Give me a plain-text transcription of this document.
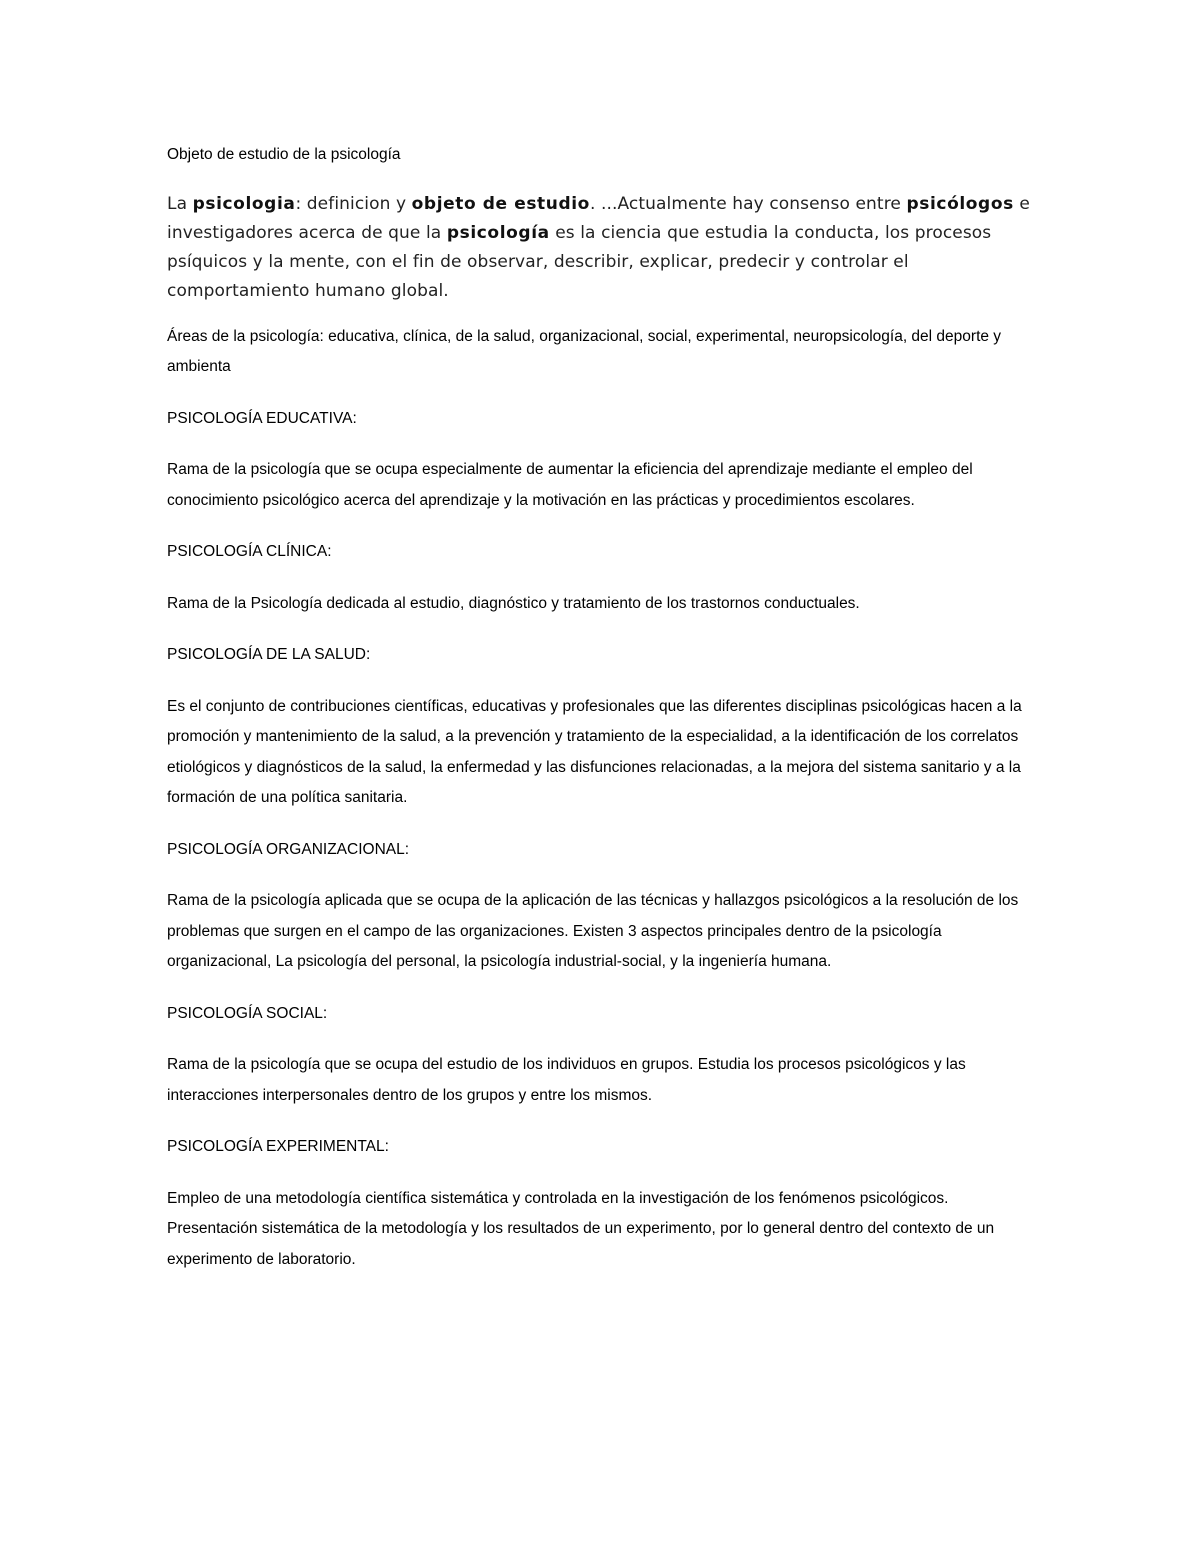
Objeto de estudio de la psicología

La psicologia: definicion y objeto de estudio. ...Actualmente hay consenso entre psicólogos e investigadores acerca de que la psicología es la ciencia que estudia la conducta, los procesos psíquicos y la mente, con el fin de observar, describir, explicar, predecir y controlar el comportamiento humano global.

Áreas de la psicología: educativa, clínica, de la salud, organizacional, social, experimental, neuropsicología, del deporte y ambienta

PSICOLOGÍA EDUCATIVA:

Rama de la psicología que se ocupa especialmente de aumentar la eficiencia del aprendizaje mediante el empleo del conocimiento psicológico acerca del aprendizaje y la motivación en las prácticas y procedimientos escolares.

PSICOLOGÍA CLÍNICA:

Rama de la Psicología dedicada al estudio, diagnóstico y tratamiento de los trastornos conductuales.

PSICOLOGÍA DE LA SALUD:

Es el conjunto de contribuciones científicas, educativas y profesionales que las diferentes disciplinas psicológicas hacen a la promoción y mantenimiento de la salud, a la prevención y tratamiento de la especialidad, a la identificación de los correlatos etiológicos y diagnósticos de la salud, la enfermedad y las disfunciones relacionadas, a la mejora del sistema sanitario y a la formación de una política sanitaria.

PSICOLOGÍA ORGANIZACIONAL:

Rama de la psicología aplicada que se ocupa de la aplicación de las técnicas y hallazgos psicológicos a la resolución de los problemas que surgen en el campo de las organizaciones. Existen 3 aspectos principales dentro de la psicología organizacional, La psicología del personal, la psicología industrial-social, y la ingeniería humana.

PSICOLOGÍA SOCIAL:

Rama de la psicología que se ocupa del estudio de los individuos en grupos. Estudia los procesos psicológicos y las interacciones interpersonales dentro de los grupos y entre los mismos.

PSICOLOGÍA EXPERIMENTAL:

Empleo de una metodología científica sistemática y controlada en la investigación de los fenómenos psicológicos. Presentación sistemática de la metodología y los resultados de un experimento, por lo general dentro del contexto de un experimento de laboratorio.
